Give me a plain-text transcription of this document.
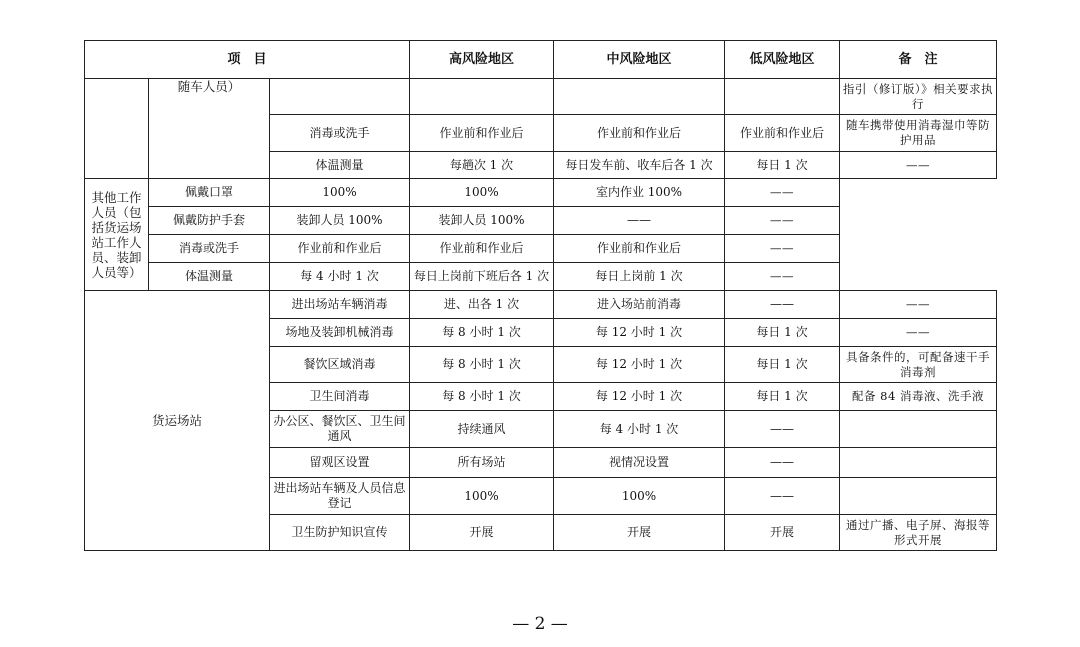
项　目			高风险地区	中风险地区	低风险地区	备　注
	随车人员）					指引（修订版）》相关要求执行
		消毒或洗手	作业前和作业后	作业前和作业后	作业前和作业后	随车携带使用消毒湿巾等防护用品
		体温测量	每趟次 1 次	每日发车前、收车后各 1 次	每日 1 次	——
其他工作人员（包括货运场站工作人员、装卸人员等）	佩戴口罩	100%	100%	室内作业 100%	——	
	佩戴防护手套	装卸人员 100%	装卸人员 100%	——	——	
	消毒或洗手	作业前和作业后	作业前和作业后	作业前和作业后	——	
	体温测量	每 4 小时 1 次	每日上岗前下班后各 1 次	每日上岗前 1 次	——	
货运场站		进出场站车辆消毒	进、出各 1 次	进入场站前消毒	——	——
		场地及装卸机械消毒	每 8 小时 1 次	每 12 小时 1 次	每日 1 次	——
		餐饮区域消毒	每 8 小时 1 次	每 12 小时 1 次	每日 1 次	具备条件的，可配备速干手消毒剂
		卫生间消毒	每 8 小时 1 次	每 12 小时 1 次	每日 1 次	配备 84 消毒液、洗手液
		办公区、餐饮区、卫生间通风	持续通风	每 4 小时 1 次	——	
		留观区设置	所有场站	视情况设置	——	
		进出场站车辆及人员信息登记	100%	100%	——	
		卫生防护知识宣传	开展	开展	开展	通过广播、电子屏、海报等形式开展
— 2 —
